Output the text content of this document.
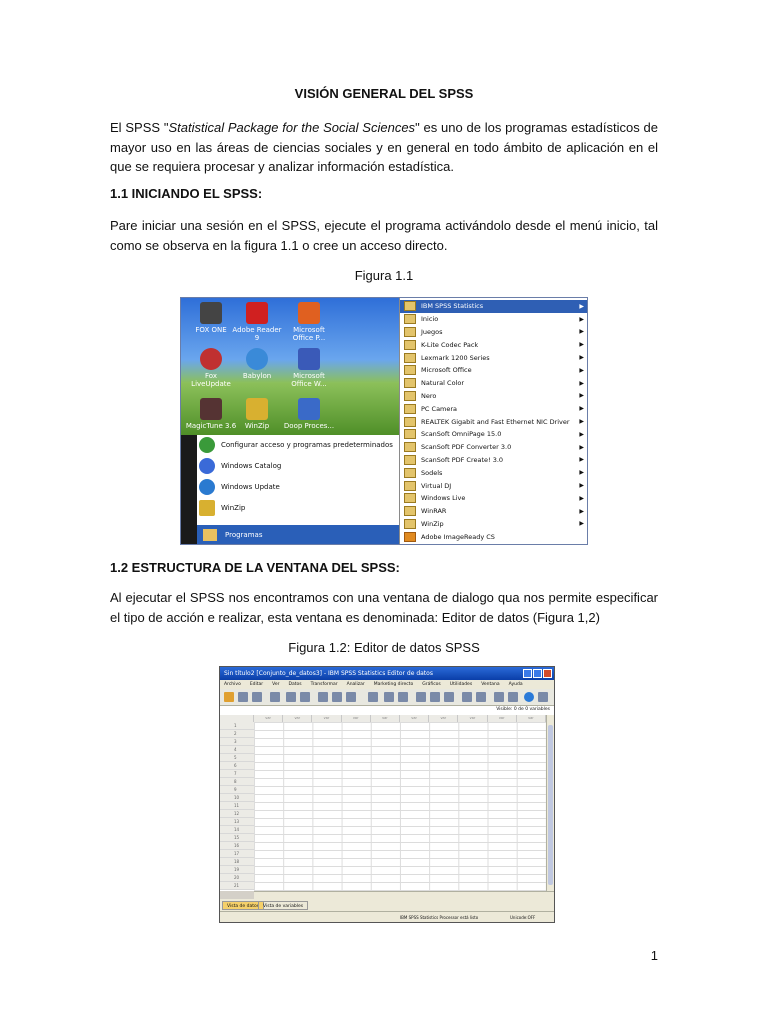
VISIÓN GENERAL DEL SPSS
El SPSS "Statistical Package for the Social Sciences" es uno de los programas estadísticos de mayor uso en las áreas de ciencias sociales y en general en todo ámbito de aplicación en el que se requiera procesar y analizar información estadística.
1.1 INICIANDO EL SPSS:
Pare iniciar una sesión en el SPSS, ejecute el programa activándolo desde el menú inicio, tal como se observa en la figura 1.1 o cree un acceso directo.
Figura 1.1
FOX ONE Adobe Reader 9
Microsoft Office P...
Fox LiveUpdate
Babylon	Microsoft Office W...
MagicTune 3.6	WinZip	Doop Proces...
Configurar acceso y programas predeterminados
Windows Catalog
Windows Update
WinZip
Programas
IBM SPSS Statistics	▶
Inicio	▶
Juegos	▶
K-Lite Codec Pack	▶
Lexmark 1200 Series	▶
Microsoft Office	▶
Natural Color	▶
Nero	▶
PC Camera	▶
REALTEK Gigabit and Fast Ethernet NIC Driver ▶
ScanSoft OmniPage 15.0	▶
ScanSoft PDF Converter 3.0	▶
ScanSoft PDF Create! 3.0	▶
Sodels	▶
Virtual DJ	▶
Windows Live	▶
WinRAR	▶
WinZip	▶
Adobe ImageReady CS
1.2 ESTRUCTURA DE LA VENTANA DEL SPSS:
Al ejecutar el SPSS nos encontramos con una ventana de dialogo qua nos permite especificar el tipo de acción e realizar, esta ventana es denominada: Editor de datos (Figura 1,2)
Figura 1.2: Editor de datos SPSS
Sin título2 [Conjunto_de_datos3] - IBM SPSS Statistics Editor de datos
Archivo Editar Ver Datos Transformar Analizar Marketing directo Gráficos Utilidades Ventana Ayuda
Visible: 0 de 0 variables
var	var	var	var	var	var	var	var	var	var
1
2
3
4
5
6
7
8
9
10
11
12
13
14
15
16
17
18
19
20
21
Vista de datos Vista de variables
IBM SPSS Statistics Processor está listo	Unicode:OFF
1
